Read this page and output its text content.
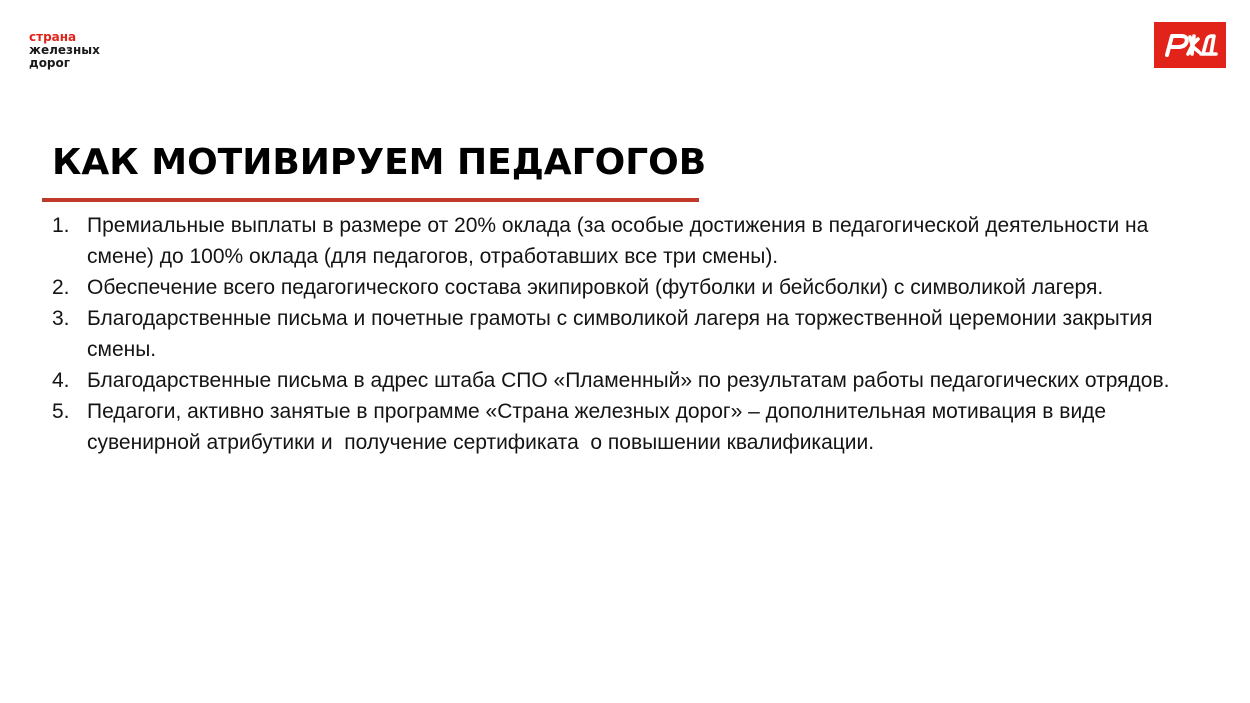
страна
железных
дорог
КАК МОТИВИРУЕМ ПЕДАГОГОВ
1. Премиальные выплаты в размере от 20% оклада (за особые достижения в педагогической деятельности на смене) до 100% оклада (для педагогов, отработавших все три смены).
2. Обеспечение всего педагогического состава экипировкой (футболки и бейсболки) с символикой лагеря.
3. Благодарственные письма и почетные грамоты с символикой лагеря на торжественной церемонии закрытия смены.
4. Благодарственные письма в адрес штаба СПО «Пламенный» по результатам работы педагогических отрядов.
5. Педагоги, активно занятые в программе «Страна железных дорог» – дополнительная мотивация в виде сувенирной атрибутики и  получение сертификата  о повышении квалификации.
